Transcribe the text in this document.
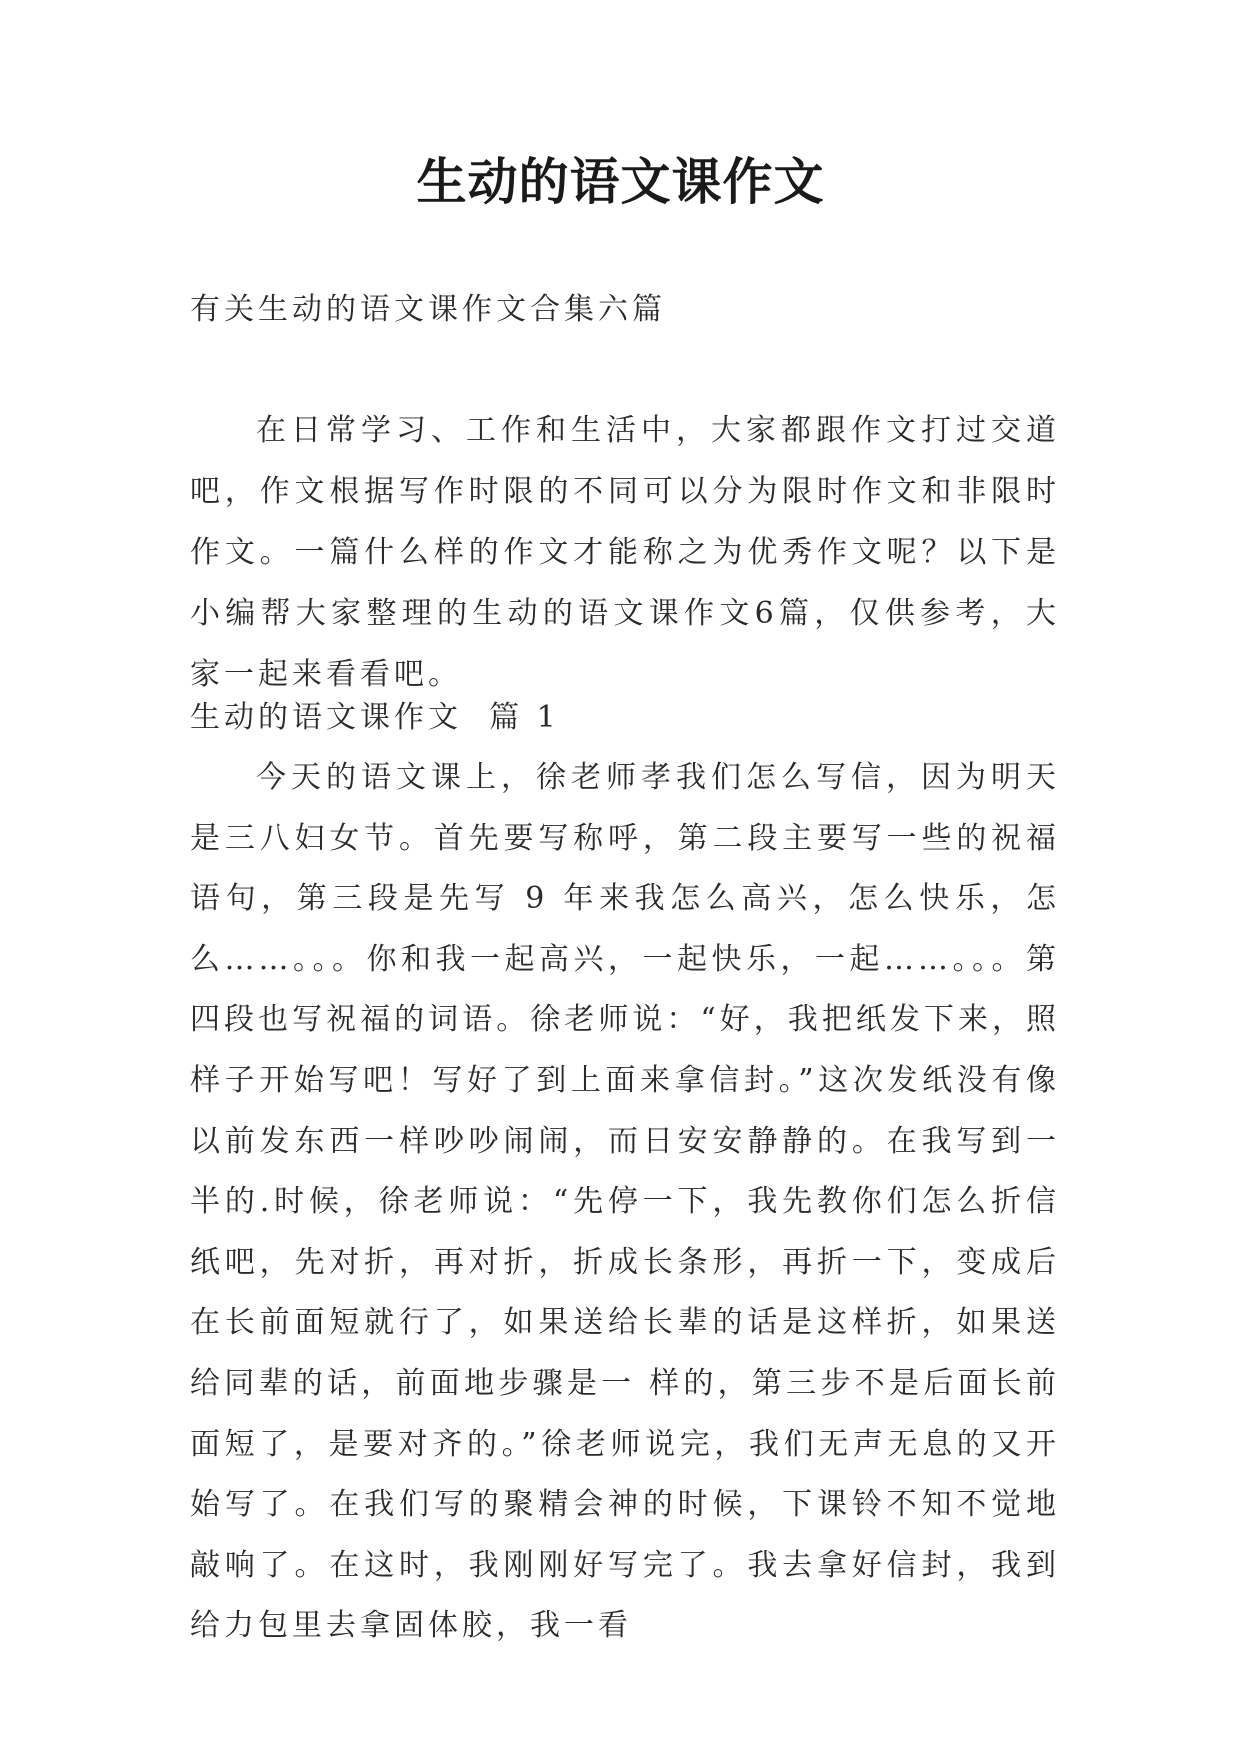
生动的语文课作文
有关生动的语文课作文合集六篇
在日常学习、工作和生活中，大家都跟作文打过交道吧，作文根据写作时限的不同可以分为限时作文和非限时作文。一篇什么样的作文才能称之为优秀作文呢？以下是小编帮大家整理的生动的语文课作文6篇，仅供参考，大家一起来看看吧。
生动的语文课作文  篇 1
今天的语文课上，徐老师孝我们怎么写信，因为明天是三八妇女节。首先要写称呼，第二段主要写一些的祝福语句，第三段是先写 9 年来我怎么高兴，怎么快乐，怎么……。。。你和我一起高兴，一起快乐，一起……。。。第四段也写祝福的词语。徐老师说：“好，我把纸发下来，照样子开始写吧！写好了到上面来拿信封。”这次发纸没有像以前发东西一样吵吵闹闹，而日安安静静的。在我写到一半的.时候，徐老师说：“先停一下，我先教你们怎么折信纸吧，先对折，再对折，折成长条形，再折一下，变成后在长前面短就行了，如果送给长辈的话是这样折，如果送给同辈的话，前面地步骤是一 样的，第三步不是后面长前面短了，是要对齐的。”徐老师说完，我们无声无息的又开始写了。在我们写的聚精会神的时候，下课铃不知不觉地敲响了。在这时，我刚刚好写完了。我去拿好信封，我到给力包里去拿固体胶，我一看
